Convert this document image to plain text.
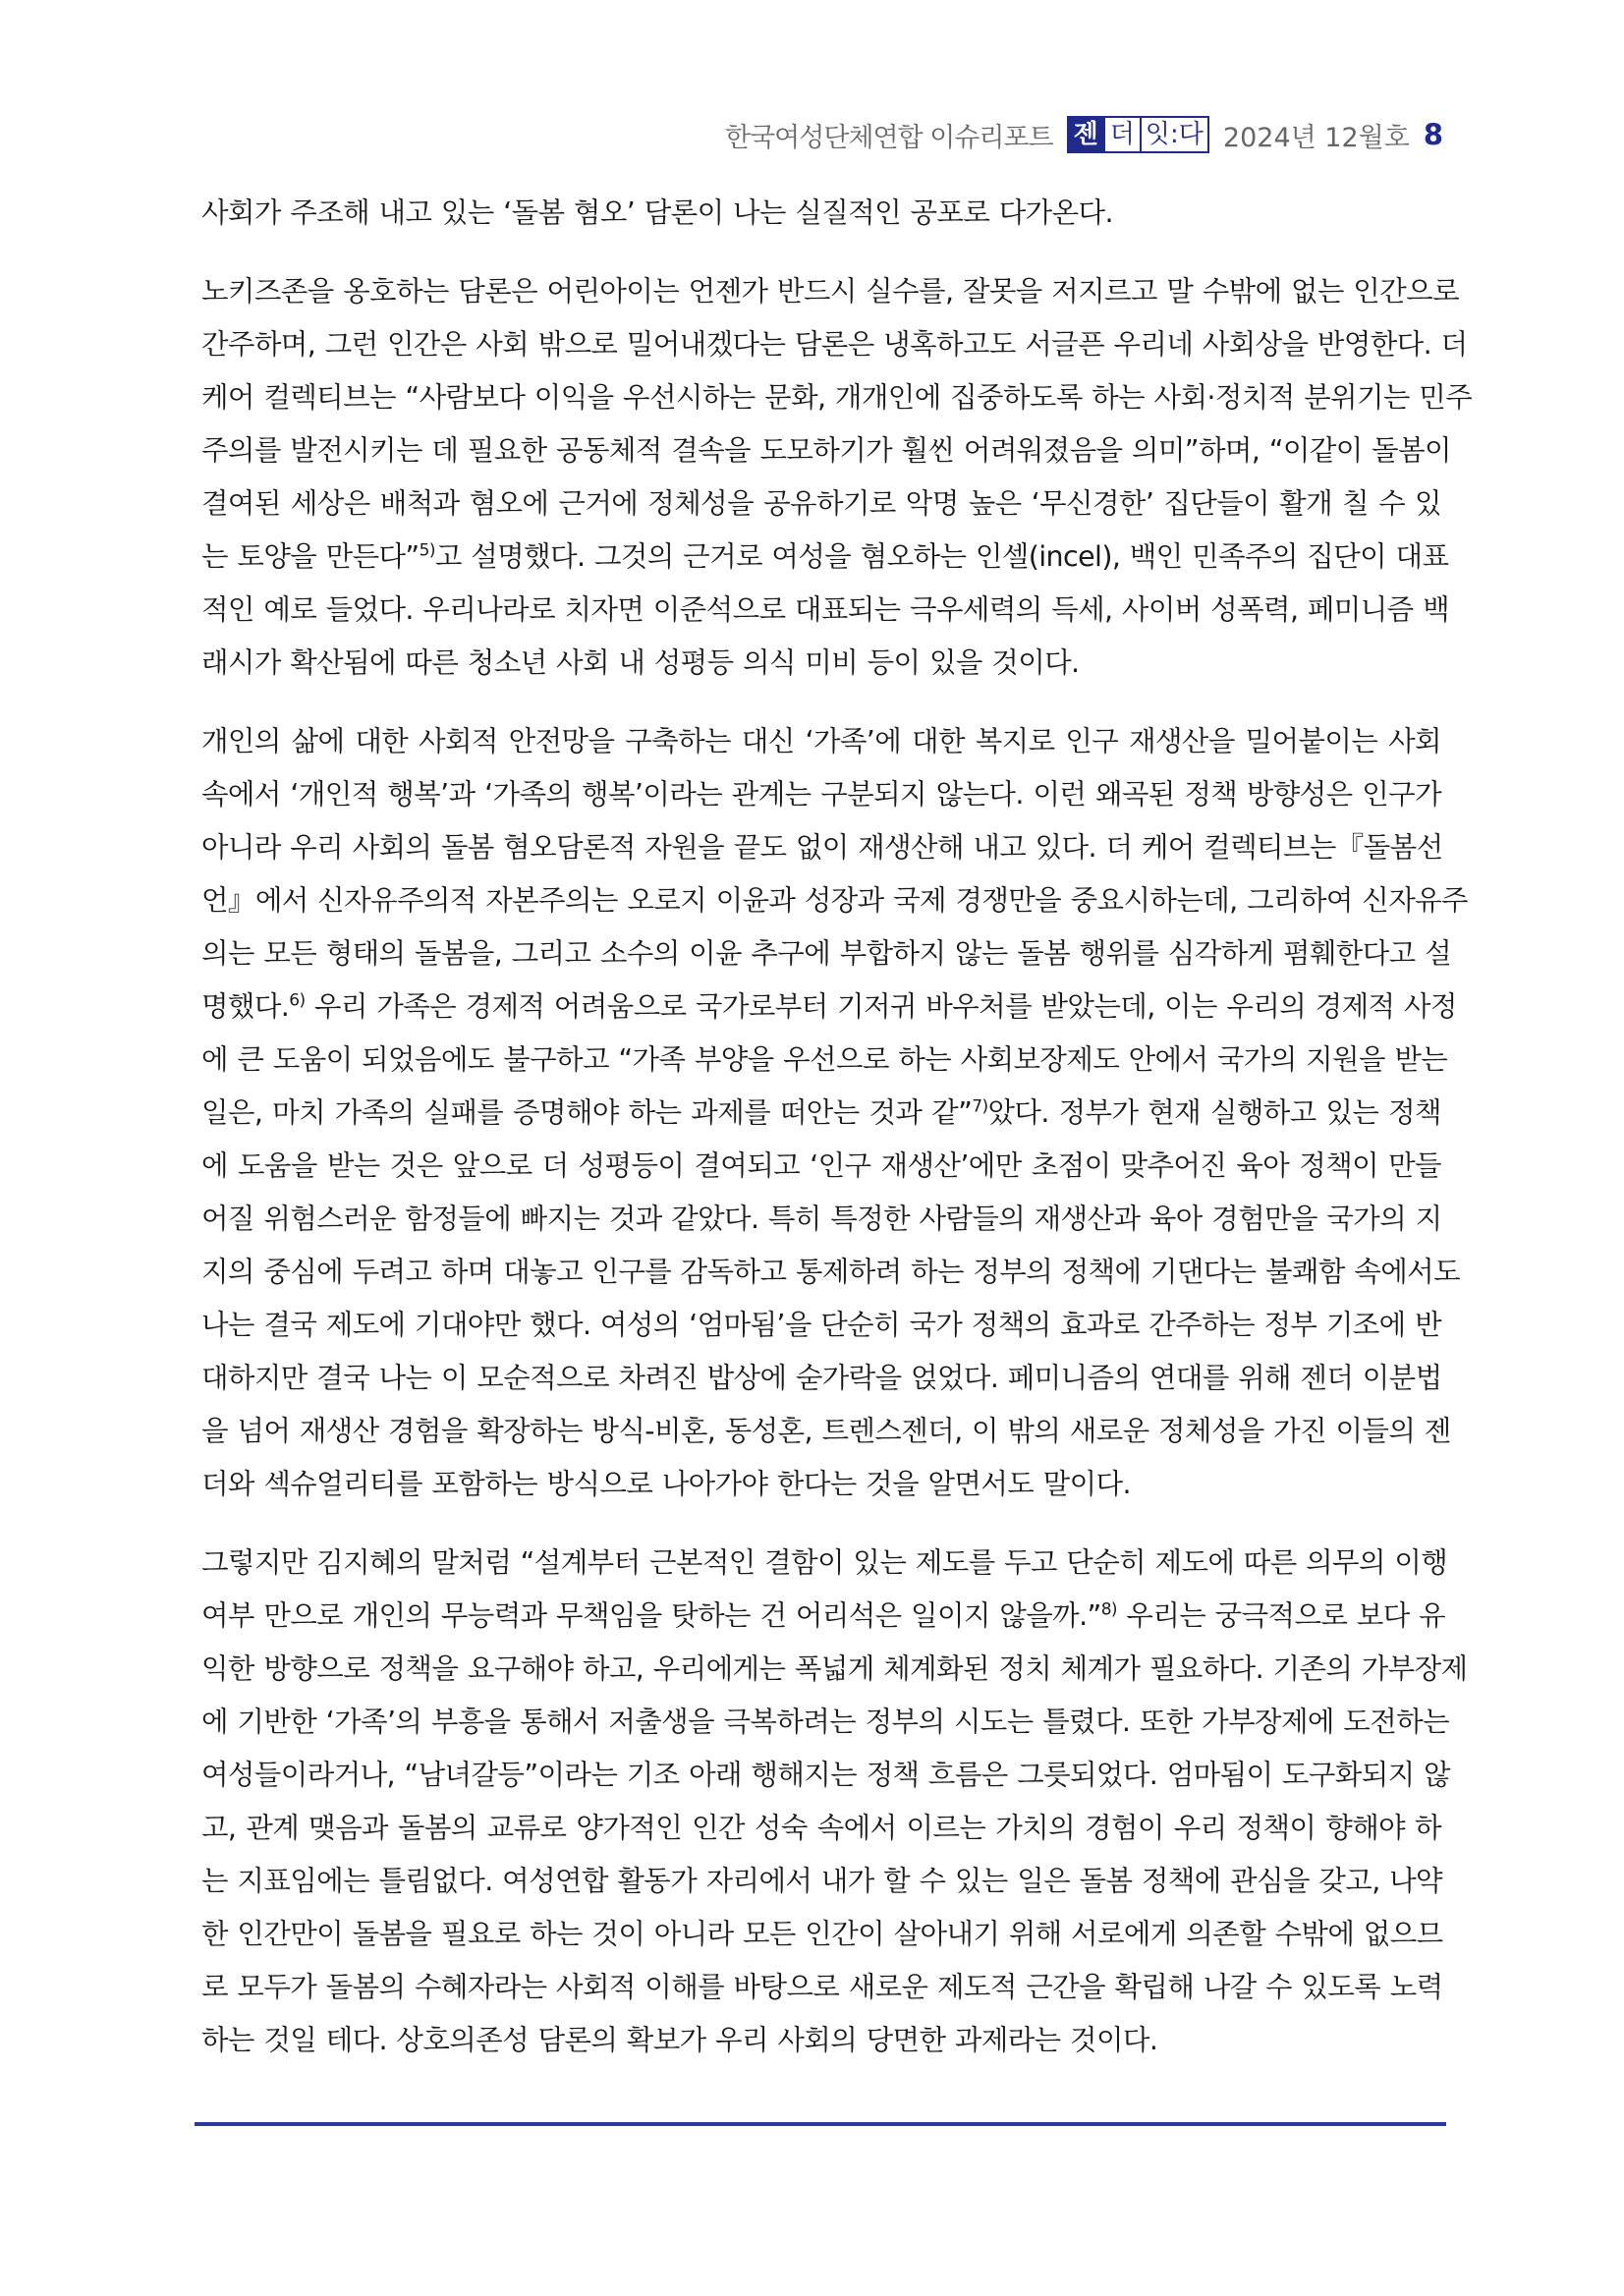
한국여성단체연합 이슈리포트 젠 더 잇:다 2024년 12월호 8
사회가 주조해 내고 있는 ‘돌봄 혐오’ 담론이 나는 실질적인 공포로 다가온다.
노키즈존을 옹호하는 담론은 어린아이는 언젠가 반드시 실수를, 잘못을 저지르고 말 수밖에 없는 인간으로
간주하며, 그런 인간은 사회 밖으로 밀어내겠다는 담론은 냉혹하고도 서글픈 우리네 사회상을 반영한다. 더
케어 컬렉티브는 “사람보다 이익을 우선시하는 문화, 개개인에 집중하도록 하는 사회·정치적 분위기는 민주
주의를 발전시키는 데 필요한 공동체적 결속을 도모하기가 훨씬 어려워졌음을 의미”하며, “이같이 돌봄이
결여된 세상은 배척과 혐오에 근거에 정체성을 공유하기로 악명 높은 ‘무신경한’ 집단들이 활개 칠 수 있
는 토양을 만든다”$^{5)}$고 설명했다. 그것의 근거로 여성을 혐오하는 인셀(incel), 백인 민족주의 집단이 대표
적인 예로 들었다. 우리나라로 치자면 이준석으로 대표되는 극우세력의 득세, 사이버 성폭력, 페미니즘 백
래시가 확산됨에 따른 청소년 사회 내 성평등 의식 미비 등이 있을 것이다.
개인의 삶에 대한 사회적 안전망을 구축하는 대신 ‘가족’에 대한 복지로 인구 재생산을 밀어붙이는 사회
속에서 ‘개인적 행복’과 ‘가족의 행복’이라는 관계는 구분되지 않는다. 이런 왜곡된 정책 방향성은 인구가
아니라 우리 사회의 돌봄 혐오담론적 자원을 끝도 없이 재생산해 내고 있다. 더 케어 컬렉티브는『돌봄선
언』에서 신자유주의적 자본주의는 오로지 이윤과 성장과 국제 경쟁만을 중요시하는데, 그리하여 신자유주
의는 모든 형태의 돌봄을, 그리고 소수의 이윤 추구에 부합하지 않는 돌봄 행위를 심각하게 폄훼한다고 설
명했다.$^{6)}$ 우리 가족은 경제적 어려움으로 국가로부터 기저귀 바우처를 받았는데, 이는 우리의 경제적 사정
에 큰 도움이 되었음에도 불구하고 “가족 부양을 우선으로 하는 사회보장제도 안에서 국가의 지원을 받는
일은, 마치 가족의 실패를 증명해야 하는 과제를 떠안는 것과 같”$^{7)}$았다. 정부가 현재 실행하고 있는 정책
에 도움을 받는 것은 앞으로 더 성평등이 결여되고 ‘인구 재생산’에만 초점이 맞추어진 육아 정책이 만들
어질 위험스러운 함정들에 빠지는 것과 같았다. 특히 특정한 사람들의 재생산과 육아 경험만을 국가의 지
지의 중심에 두려고 하며 대놓고 인구를 감독하고 통제하려 하는 정부의 정책에 기댄다는 불쾌함 속에서도
나는 결국 제도에 기대야만 했다. 여성의 ‘엄마됨’을 단순히 국가 정책의 효과로 간주하는 정부 기조에 반
대하지만 결국 나는 이 모순적으로 차려진 밥상에 숟가락을 얹었다. 페미니즘의 연대를 위해 젠더 이분법
을 넘어 재생산 경험을 확장하는 방식-비혼, 동성혼, 트렌스젠더, 이 밖의 새로운 정체성을 가진 이들의 젠
더와 섹슈얼리티를 포함하는 방식으로 나아가야 한다는 것을 알면서도 말이다.
그렇지만 김지혜의 말처럼 “설계부터 근본적인 결함이 있는 제도를 두고 단순히 제도에 따른 의무의 이행
여부 만으로 개인의 무능력과 무책임을 탓하는 건 어리석은 일이지 않을까.”$^{8)}$ 우리는 궁극적으로 보다 유
익한 방향으로 정책을 요구해야 하고, 우리에게는 폭넓게 체계화된 정치 체계가 필요하다. 기존의 가부장제
에 기반한 ‘가족’의 부흥을 통해서 저출생을 극복하려는 정부의 시도는 틀렸다. 또한 가부장제에 도전하는
여성들이라거나, “남녀갈등”이라는 기조 아래 행해지는 정책 흐름은 그릇되었다. 엄마됨이 도구화되지 않
고, 관계 맺음과 돌봄의 교류로 양가적인 인간 성숙 속에서 이르는 가치의 경험이 우리 정책이 향해야 하
는 지표임에는 틀림없다. 여성연합 활동가 자리에서 내가 할 수 있는 일은 돌봄 정책에 관심을 갖고, 나약
한 인간만이 돌봄을 필요로 하는 것이 아니라 모든 인간이 살아내기 위해 서로에게 의존할 수밖에 없으므
로 모두가 돌봄의 수혜자라는 사회적 이해를 바탕으로 새로운 제도적 근간을 확립해 나갈 수 있도록 노력
하는 것일 테다. 상호의존성 담론의 확보가 우리 사회의 당면한 과제라는 것이다.
